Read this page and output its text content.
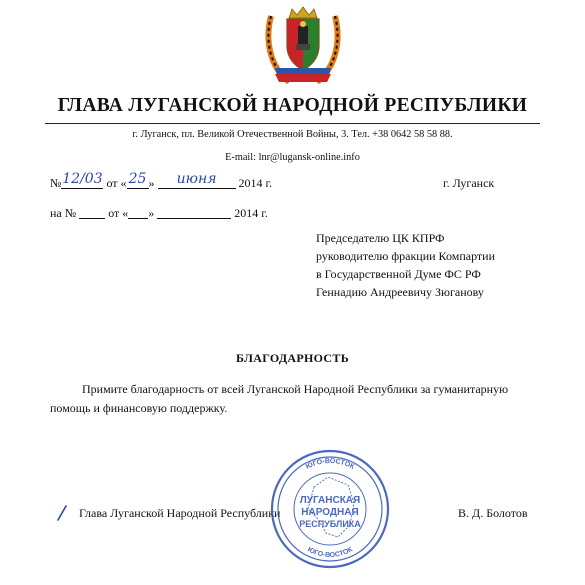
ГЛАВА ЛУГАНСКОЙ НАРОДНОЙ РЕСПУБЛИКИ
г. Луганск, пл. Великой Отечественной Войны, 3. Тел. +38 0642 58 58 88.
E-mail: lnr@lugansk-online.info
№ 12/03 от « 25 »	июня	2014 г.	г. Луганск
на №	от « »	2014 г.
Председателю ЦК КПРФ
руководителю фракции Компартии
в Государственной Думе ФС РФ
Геннадию Андреевичу Зюганову
БЛАГОДАРНОСТЬ
Примите благодарность от всей Луганской Народной Республики за гуманитарную
помощь и финансовую поддержку.
Глава Луганской Народной Республики	В. Д. Болотов
ЮГО-ВОСТОК
ЮГО-ВОСТОК
ЛУГАНСКАЯ
НАРОДНАЯ
РЕСПУБЛИКА
